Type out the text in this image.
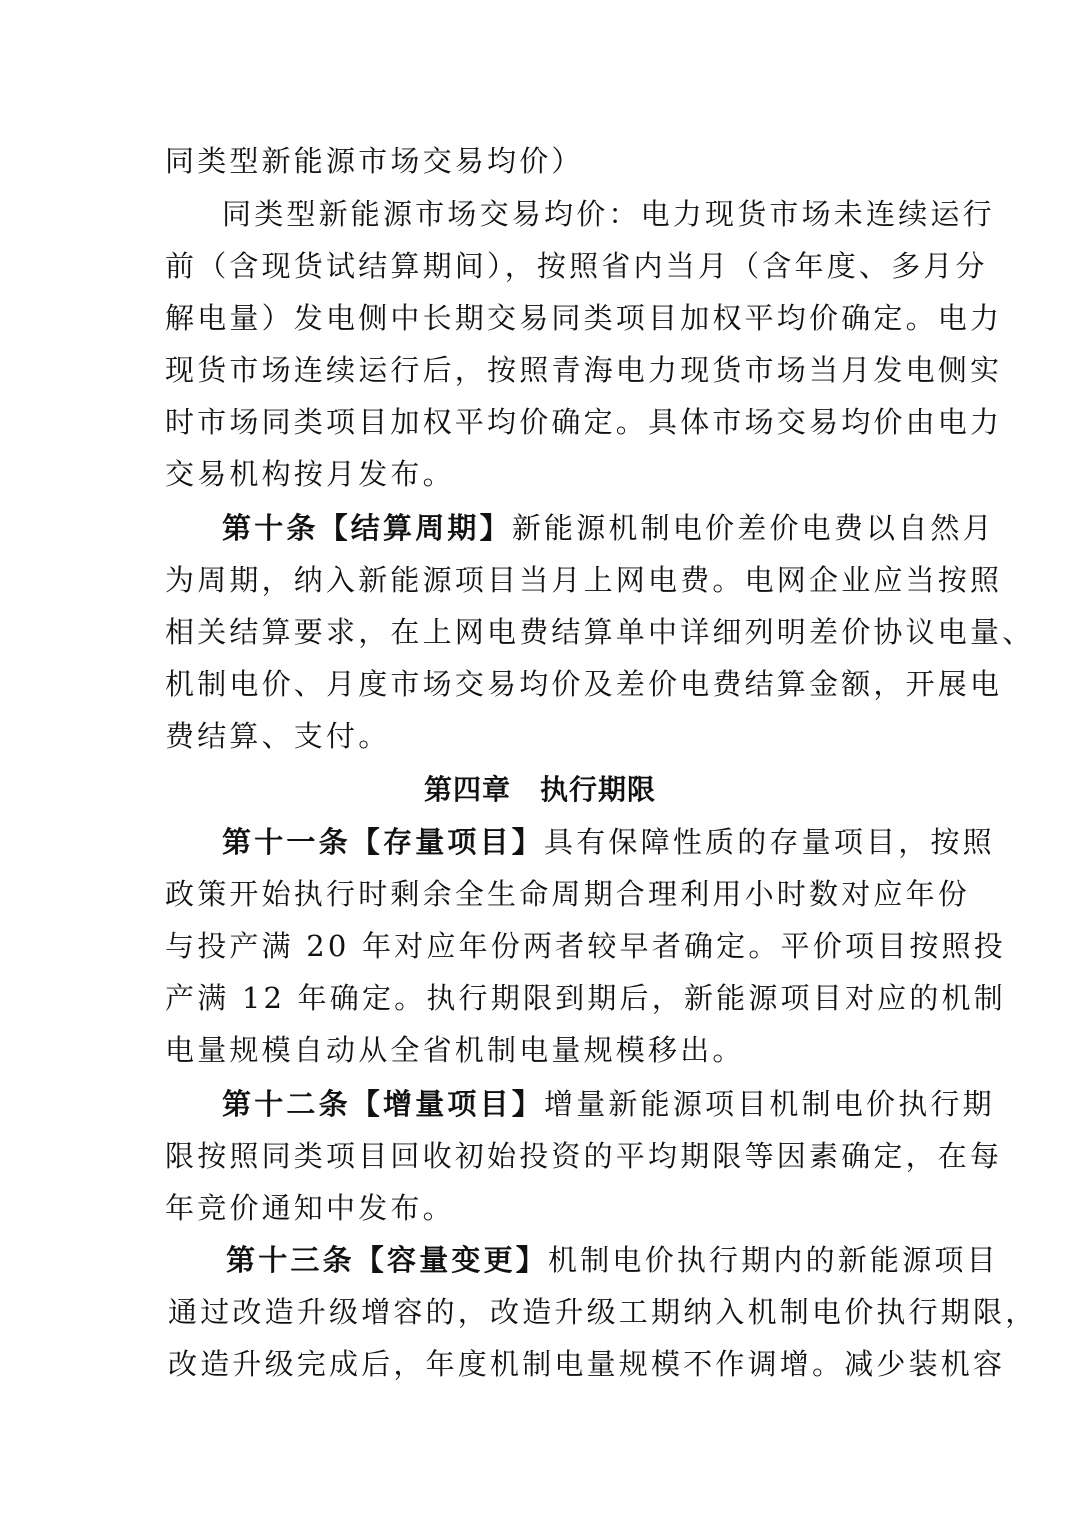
同类型新能源市场交易均价）
同类型新能源市场交易均价：电力现货市场未连续运行
前（含现货试结算期间），按照省内当月（含年度、多月分
解电量）发电侧中长期交易同类项目加权平均价确定。电力
现货市场连续运行后，按照青海电力现货市场当月发电侧实
时市场同类项目加权平均价确定。具体市场交易均价由电力
交易机构按月发布。
第十条【结算周期】新能源机制电价差价电费以自然月
为周期，纳入新能源项目当月上网电费。电网企业应当按照
相关结算要求，在上网电费结算单中详细列明差价协议电量、
机制电价、月度市场交易均价及差价电费结算金额，开展电
费结算、支付。
第四章　执行期限
第十一条【存量项目】具有保障性质的存量项目，按照
政策开始执行时剩余全生命周期合理利用小时数对应年份
与投产满 20 年对应年份两者较早者确定。平价项目按照投
产满 12 年确定。执行期限到期后，新能源项目对应的机制
电量规模自动从全省机制电量规模移出。
第十二条【增量项目】增量新能源项目机制电价执行期
限按照同类项目回收初始投资的平均期限等因素确定，在每
年竞价通知中发布。
第十三条【容量变更】机制电价执行期内的新能源项目
通过改造升级增容的，改造升级工期纳入机制电价执行期限，
改造升级完成后，年度机制电量规模不作调增。减少装机容
